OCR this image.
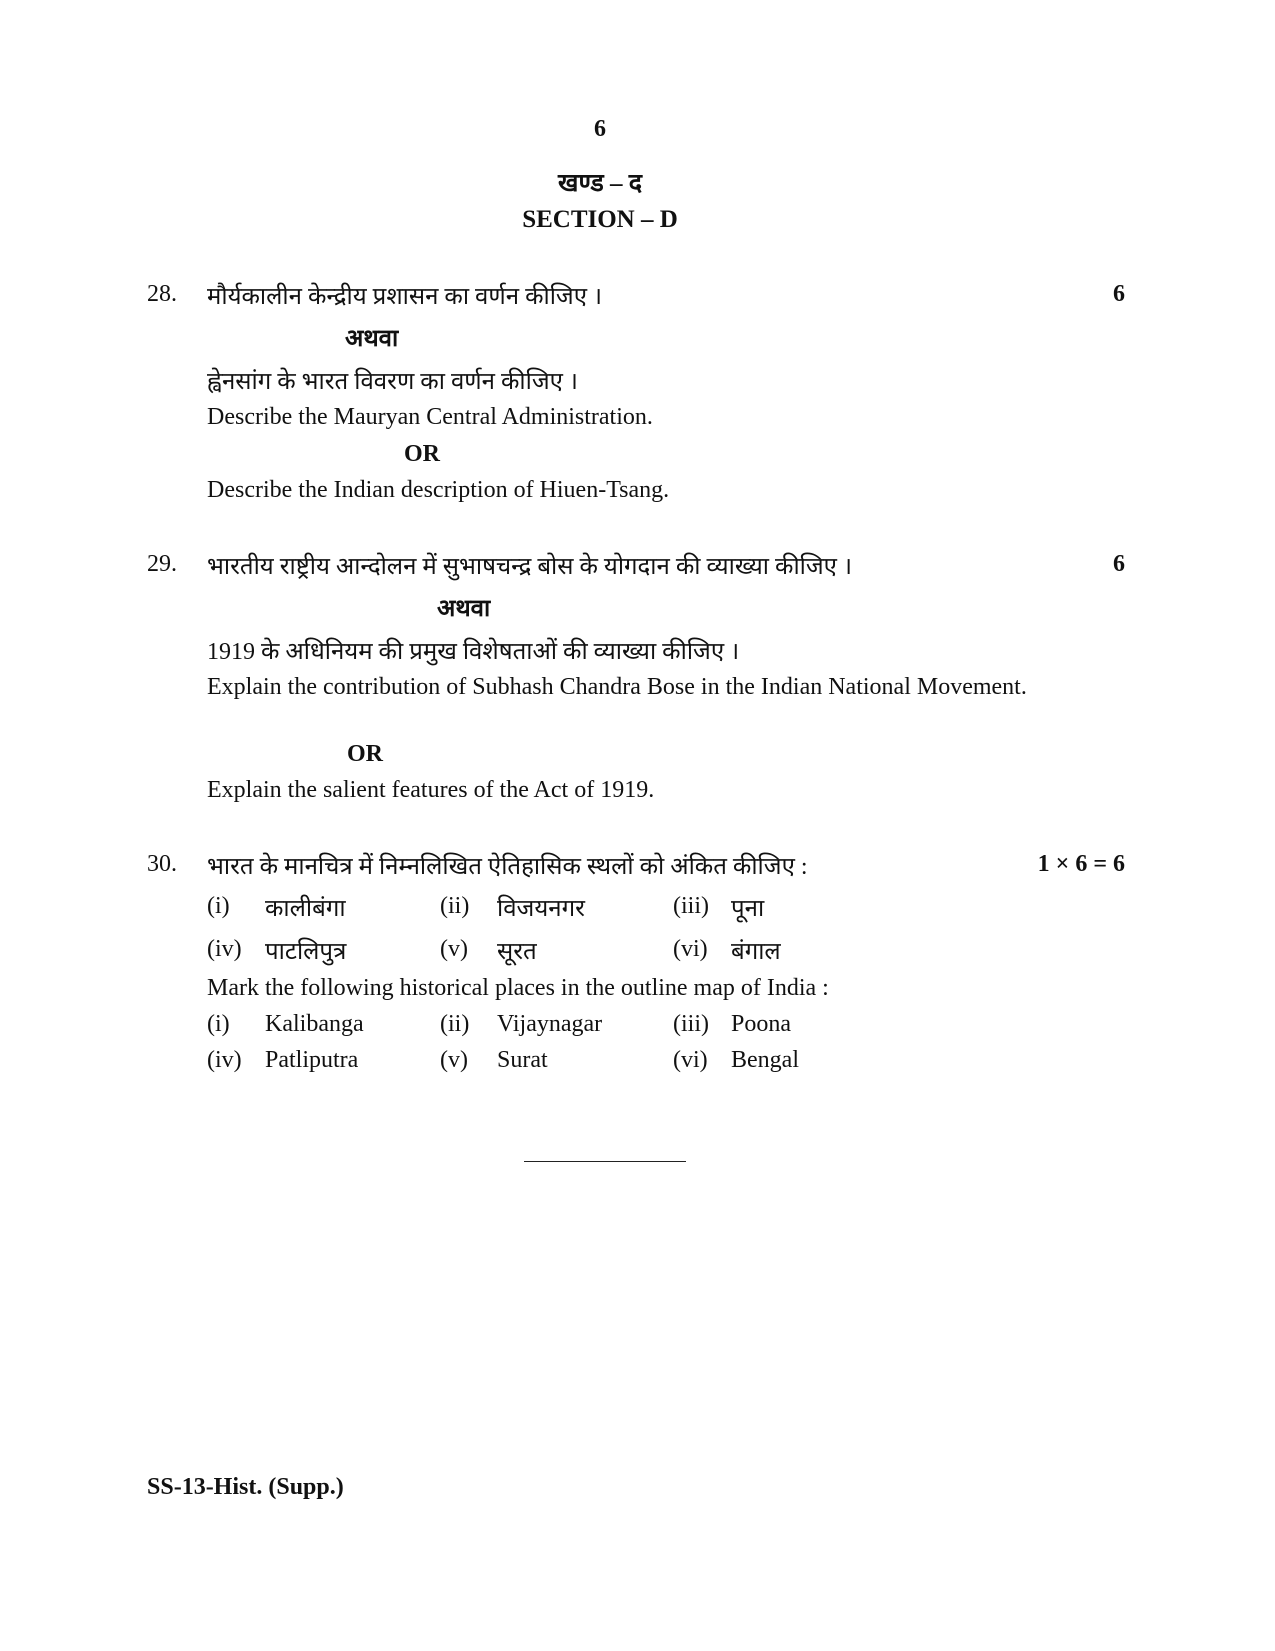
6
खण्ड – द
SECTION – D
28. मौर्यकालीन केन्द्रीय प्रशासन का वर्णन कीजिए ।	6
अथवा
ह्वेनसांग के भारत विवरण का वर्णन कीजिए ।
Describe the Mauryan Central Administration.
OR
Describe the Indian description of Hiuen-Tsang.
29. भारतीय राष्ट्रीय आन्दोलन में सुभाषचन्द्र बोस के योगदान की व्याख्या कीजिए ।	6
अथवा
1919 के अधिनियम की प्रमुख विशेषताओं की व्याख्या कीजिए ।
Explain the contribution of Subhash Chandra Bose in the Indian National Movement.
OR
Explain the salient features of the Act of 1919.
30. भारत के मानचित्र में निम्नलिखित ऐतिहासिक स्थलों को अंकित कीजिए :	1 × 6 = 6
(i) कालीबंगा	(ii) विजयनगर	(iii) पूना
(iv) पाटलिपुत्र	(v) सूरत	(vi) बंगाल
Mark the following historical places in the outline map of India :
(i) Kalibanga	(ii) Vijaynagar	(iii) Poona
(iv) Patliputra	(v) Surat	(vi) Bengal
SS-13-Hist. (Supp.)
